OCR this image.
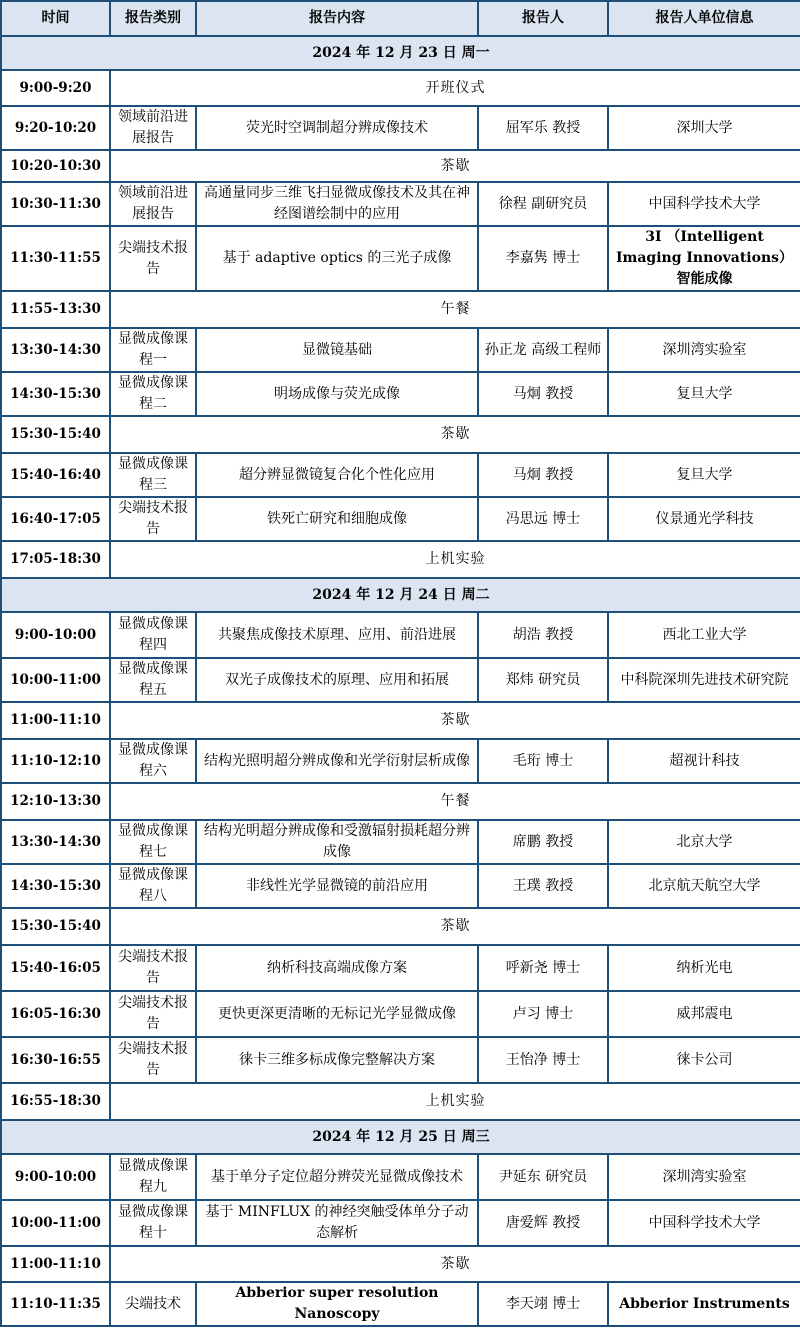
时间	报告类别	报告内容	报告人	报告人单位信息
2024 年 12 月 23 日 周一				
9:00-9:20	开班仪式			
9:20-10:20	领域前沿进展报告	荧光时空调制超分辨成像技术	屈军乐 教授	深圳大学
10:20-10:30	茶歇			
10:30-11:30	领域前沿进展报告	高通量同步三维飞扫显微成像技术及其在神经图谱绘制中的应用	徐程 副研究员	中国科学技术大学
11:30-11:55	尖端技术报告	基于 adaptive optics 的三光子成像	李嘉隽 博士	3I （Intelligent Imaging Innovations）智能成像
11:55-13:30	午餐			
13:30-14:30	显微成像课程一	显微镜基础	孙正龙 高级工程师	深圳湾实验室
14:30-15:30	显微成像课程二	明场成像与荧光成像	马炯 教授	复旦大学
15:30-15:40	茶歇			
15:40-16:40	显微成像课程三	超分辨显微镜复合化个性化应用	马炯 教授	复旦大学
16:40-17:05	尖端技术报告	铁死亡研究和细胞成像	冯思远 博士	仪景通光学科技
17:05-18:30	上机实验			
2024 年 12 月 24 日 周二				
9:00-10:00	显微成像课程四	共聚焦成像技术原理、应用、前沿进展	胡浩 教授	西北工业大学
10:00-11:00	显微成像课程五	双光子成像技术的原理、应用和拓展	郑炜 研究员	中科院深圳先进技术研究院
11:00-11:10	茶歇			
11:10-12:10	显微成像课程六	结构光照明超分辨成像和光学衍射层析成像	毛珩 博士	超视计科技
12:10-13:30	午餐			
13:30-14:30	显微成像课程七	结构光明超分辨成像和受激辐射损耗超分辨成像	席鹏 教授	北京大学
14:30-15:30	显微成像课程八	非线性光学显微镜的前沿应用	王璞 教授	北京航天航空大学
15:30-15:40	茶歇			
15:40-16:05	尖端技术报告	纳析科技高端成像方案	呼新尧 博士	纳析光电
16:05-16:30	尖端技术报告	更快更深更清晰的无标记光学显微成像	卢习 博士	威邦震电
16:30-16:55	尖端技术报告	徕卡三维多标成像完整解决方案	王怡净 博士	徕卡公司
16:55-18:30	上机实验			
2024 年 12 月 25 日 周三				
9:00-10:00	显微成像课程九	基于单分子定位超分辨荧光显微成像技术	尹延东 研究员	深圳湾实验室
10:00-11:00	显微成像课程十	基于 MINFLUX 的神经突触受体单分子动态解析	唐爱辉 教授	中国科学技术大学
11:00-11:10	茶歇			
11:10-11:35	尖端技术	Abberior super resolution Nanoscopy	李天翊 博士	Abberior Instruments
